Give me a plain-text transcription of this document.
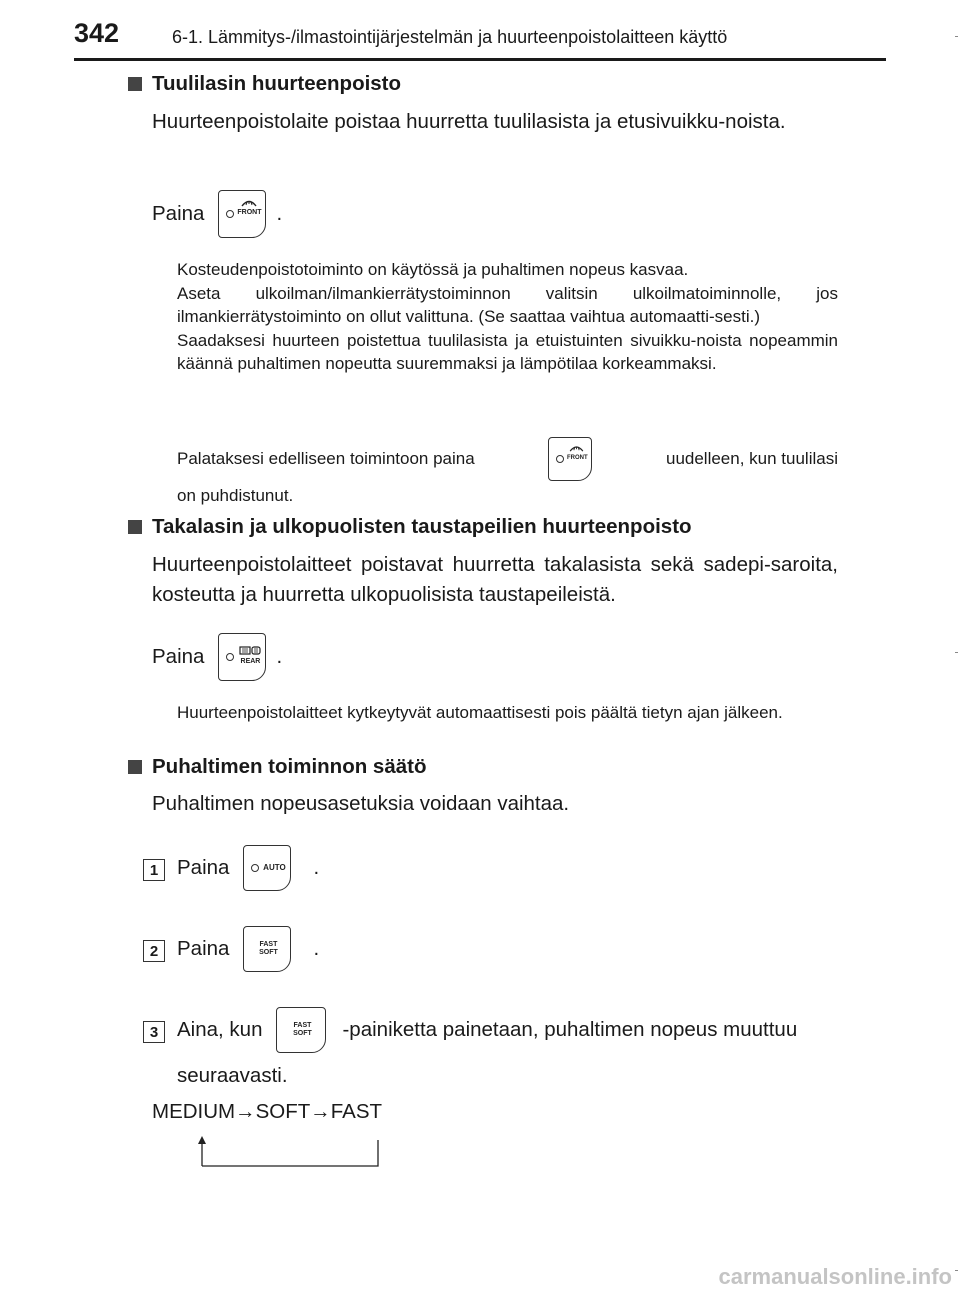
342	6-1. Lämmitys-/ilmastointijärjestelmän ja huurteenpoistolaitteen käyttö
Tuulilasin huurteenpoisto
Huurteenpoistolaite poistaa huurretta tuulilasista ja etusivuikku-noista.
Paina	FRONT .
Kosteudenpoistotoiminto on käytössä ja puhaltimen nopeus kasvaa.
Aseta ulkoilman/ilmankierrätystoiminnon valitsin ulkoilmatoiminnolle, jos ilmankierrätystoiminto on ollut valittuna. (Se saattaa vaihtua automaatti-sesti.)
Saadaksesi huurteen poistettua tuulilasista ja etuistuinten sivuikku-noista nopeammin käännä puhaltimen nopeutta suuremmaksi ja lämpötilaa korkeammaksi.
Palataksesi edelliseen toimintoon paina	FRONT	uudelleen, kun tuulilasi
on puhdistunut.
Takalasin ja ulkopuolisten taustapeilien huurteenpoisto
Huurteenpoistolaitteet poistavat huurretta takalasista sekä sadepi-saroita, kosteutta ja huurretta ulkopuolisista taustapeileistä.
Paina	REAR .
Huurteenpoistolaitteet kytkeytyvät automaattisesti pois päältä tietyn ajan jälkeen.
Puhaltimen toiminnon säätö
Puhaltimen nopeusasetuksia voidaan vaihtaa.
1 Paina	AUTO .
2 Paina	FAST
SOFT .
3 Aina, kun	FAST
SOFT -painiketta painetaan, puhaltimen nopeus muuttuu
seuraavasti.
MEDIUM→SOFT→FAST
carmanualsonline.info
